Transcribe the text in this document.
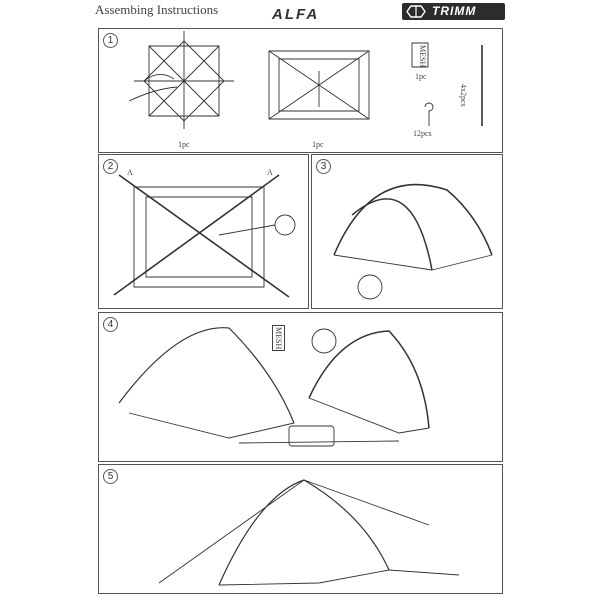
Assembing Instructions	ALFA	TRIMM
1
1pc	1pc
1pc
12pcs
MESH
4x2pcs
2
A	A
3
4
MESH
5
